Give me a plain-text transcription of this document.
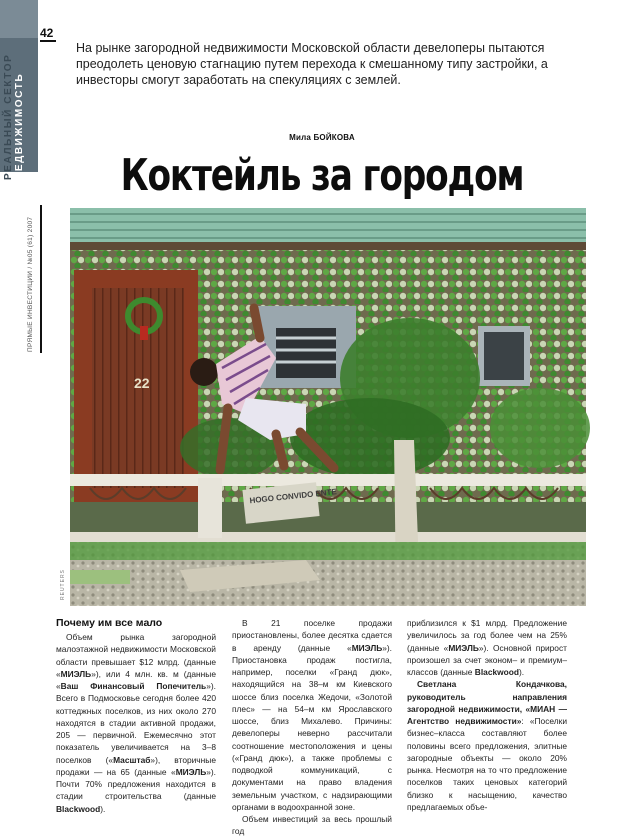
РЕАЛЬНЫЙ СЕКТОР НЕДВИЖИМОСТЬ
42
ПРЯМЫЕ ИНВЕСТИЦИИ / №05 (61) 2007

На рынке загородной недвижимости Московской области девелоперы пытаются преодолеть ценовую стагнацию путем перехода к смешанному типу застройки, а инвесторы смогут заработать на спекуляциях с землей.

Мила БОЙКОВА
Коктейль за городом
22
HOGO CONVIDO ENTE
REUTERS
Почему им все мало

Объем рынка загородной малоэтажной недвижимости Московской области превышает $12 млрд. (данные «МИЭЛЬ»), или 4 млн. кв. м (данные «Ваш Финансовый Попечитель»). Всего в Подмосковье сегодня более 420 коттеджных поселков, из них около 270 находятся в стадии активной продажи, 205 — первичной. Ежемесячно этот показатель увеличивается на 3–8 поселков («Масштаб»), вторичные продажи — на 65 (данные «МИЭЛЬ»). Почти 70% предложения находится в стадии строительства (данные Blackwood).

В 21 поселке продажи приостановлены, более десятка сдается в аренду (данные «МИЭЛЬ»). Приостановка продаж постигла, например, поселки «Гранд дюк», находящийся на 38–м км Киевского шоссе близ поселка Жедочи, «Золотой плес» — на 54–м км Ярославского шоссе, близ Михалево. Причины: девелоперы неверно рассчитали соотношение местоположения и цены («Гранд дюк»), а также проблемы с подводкой коммуникаций, с документами на право владения земельным участком, с надзирающими органами в водоохранной зоне.

Объем инвестиций за весь прошлый год

приблизился к $1 млрд. Предложение увеличилось за год более чем на 25% (данные «МИЭЛЬ»). Основной прирост произошел за счет эконом– и премиум–классов (данные Blackwood).

Светлана Кондачкова, руководитель направления загородной недвижимости, «МИАН — Агентство недвижимости»: «Поселки бизнес–класса составляют более половины всего предложения, элитные загородные объекты — около 20% рынка. Несмотря на то что предложение поселков таких ценовых категорий близко к насыщению, качество предлагаемых объе-
